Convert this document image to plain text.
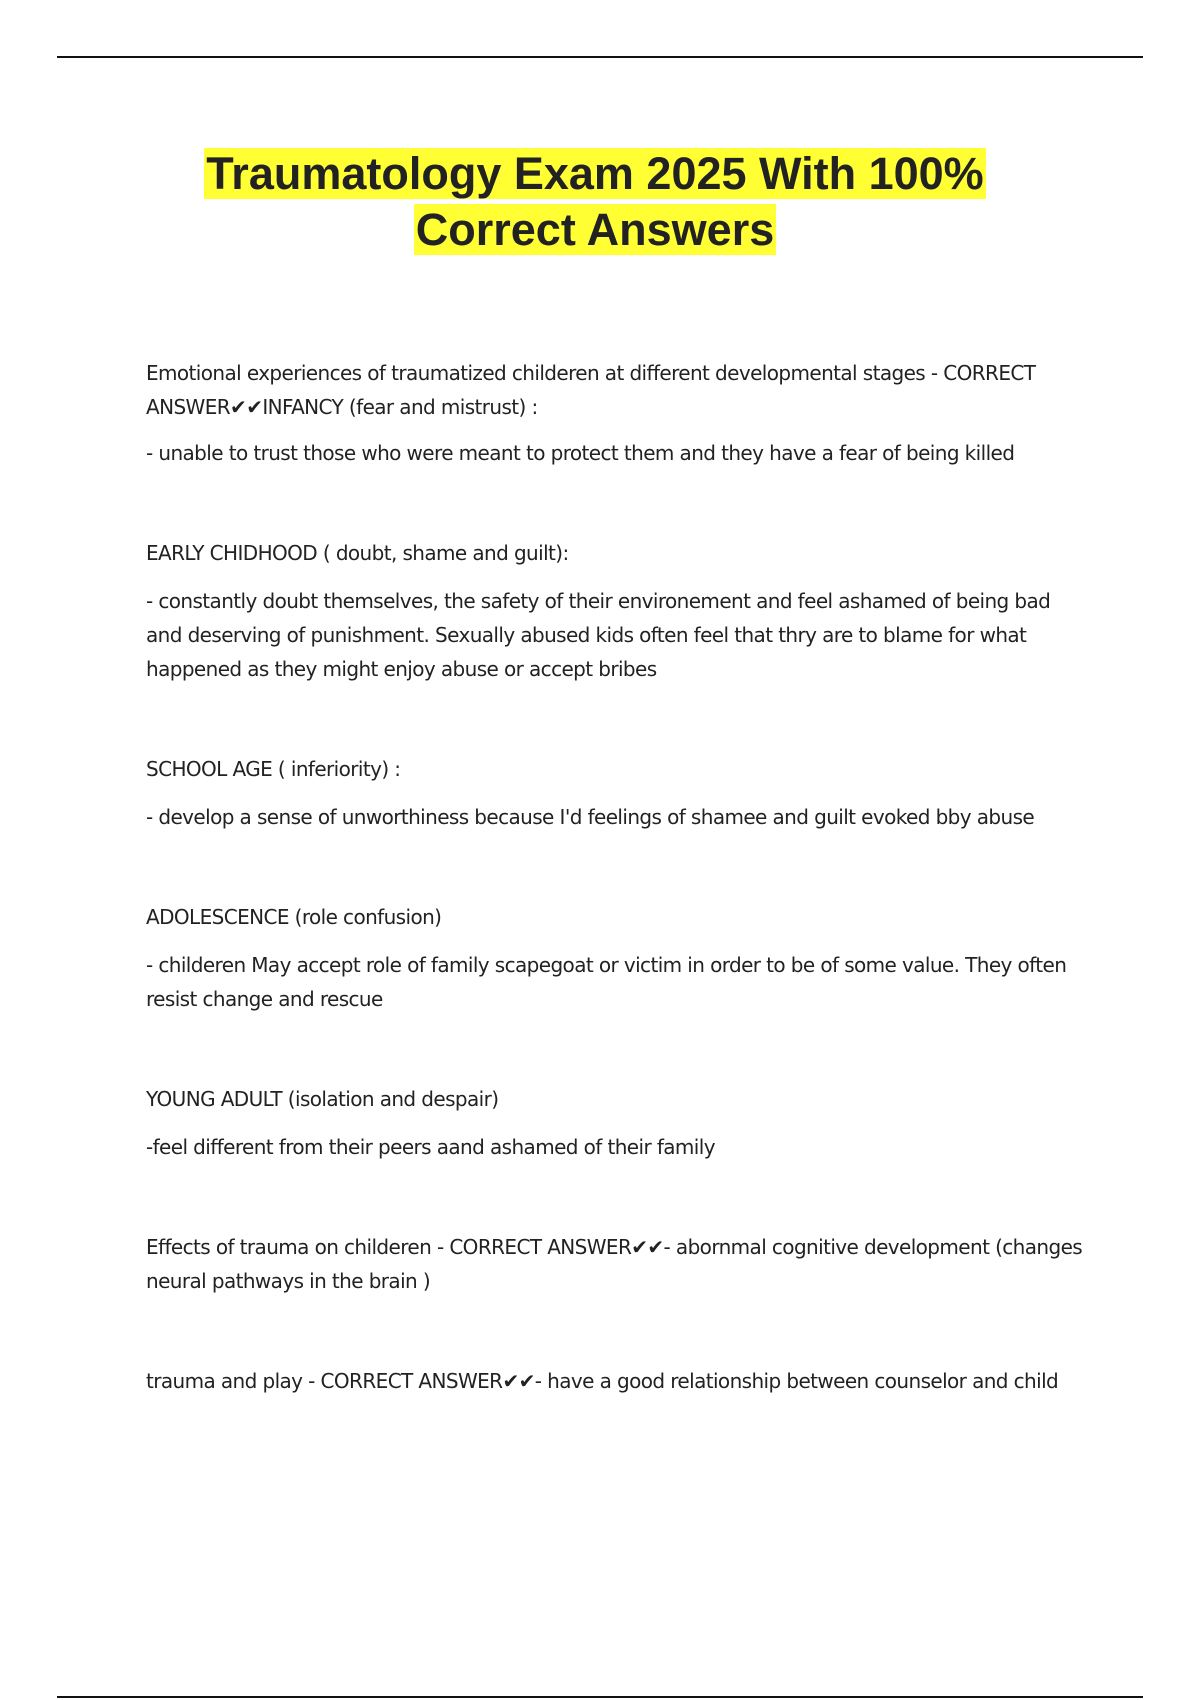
Traumatology Exam 2025 With 100%
Correct Answers

Emotional experiences of traumatized childeren at different developmental stages - CORRECT ANSWER✔✔INFANCY (fear and mistrust) :

- unable to trust those who were meant to protect them and they have a fear of being killed

EARLY CHIDHOOD ( doubt, shame and guilt):

- constantly doubt themselves, the safety of their environement and feel ashamed of being bad and deserving of punishment. Sexually abused kids often feel that thry are to blame for what happened as they might enjoy abuse or accept bribes

SCHOOL AGE ( inferiority) :

- develop a sense of unworthiness because I'd feelings of shamee and guilt evoked bby abuse

ADOLESCENCE (role confusion)

- childeren May accept role of family scapegoat or victim in order to be of some value. They often resist change and rescue

YOUNG ADULT (isolation and despair)

-feel different from their peers aand ashamed of their family

Effects of trauma on childeren - CORRECT ANSWER✔✔- abornmal cognitive development (changes neural pathways in the brain )

trauma and play - CORRECT ANSWER✔✔- have a good relationship between counselor and child
